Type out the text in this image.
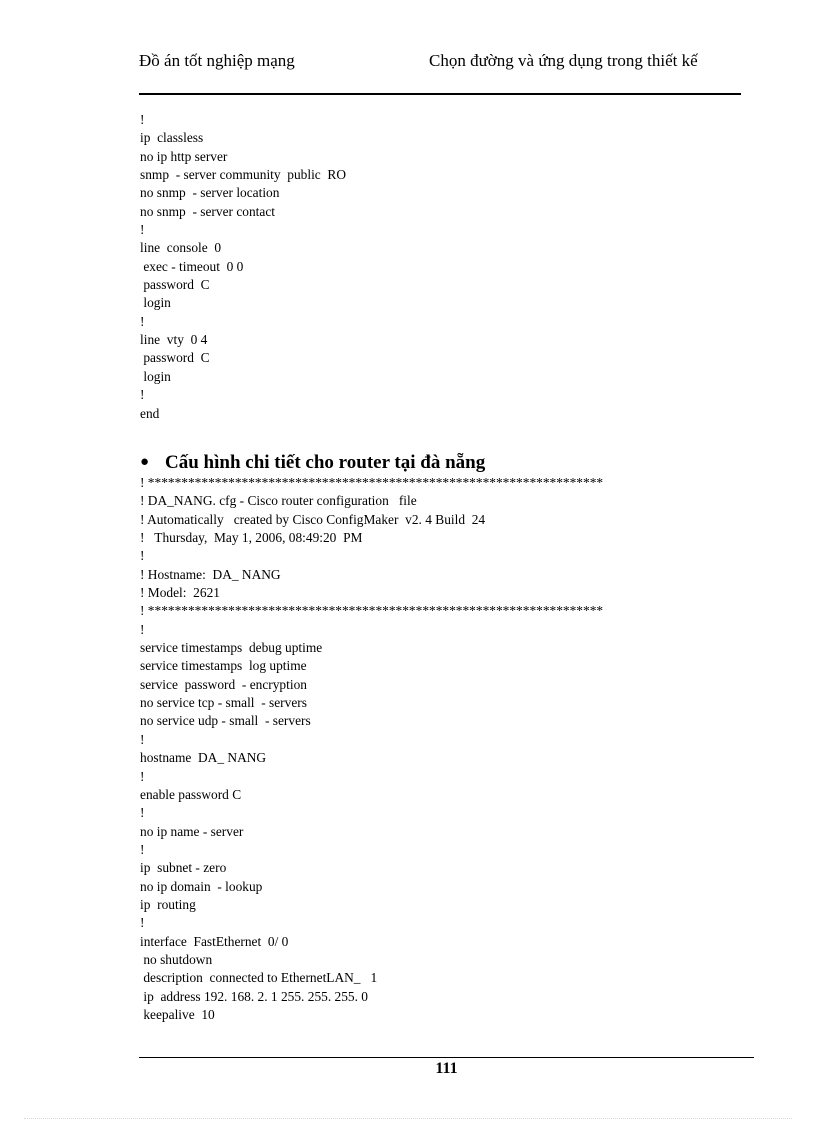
Đồ án tốt nghiệp mạng	Chọn đường và ứng dụng trong thiết kế
!
ip  classless
no ip http server
snmp  - server community  public  RO
no snmp  - server location
no snmp  - server contact
!
line  console  0
exec - timeout  0 0
password  C
login
!
line  vty  0 4
password  C
login
!
end
● Cấu hình chi tiết cho router tại đà nẵng
! ********************************************************************
! DA_NANG. cfg - Cisco router configuration   file
! Automatically   created by Cisco ConfigMaker  v2. 4 Build  24
!   Thursday,  May 1, 2006, 08:49:20  PM
!
! Hostname:  DA_ NANG
! Model:  2621
! ********************************************************************
!
service timestamps  debug uptime
service timestamps  log uptime
service  password  - encryption
no service tcp - small  - servers
no service udp - small  - servers
!
hostname  DA_ NANG
!
enable password C
!
no ip name - server
!
ip  subnet - zero
no ip domain  - lookup
ip  routing
!
interface  FastEthernet  0/ 0
no shutdown
description  connected to EthernetLAN_   1
ip  address 192. 168. 2. 1 255. 255. 255. 0
keepalive  10
111
